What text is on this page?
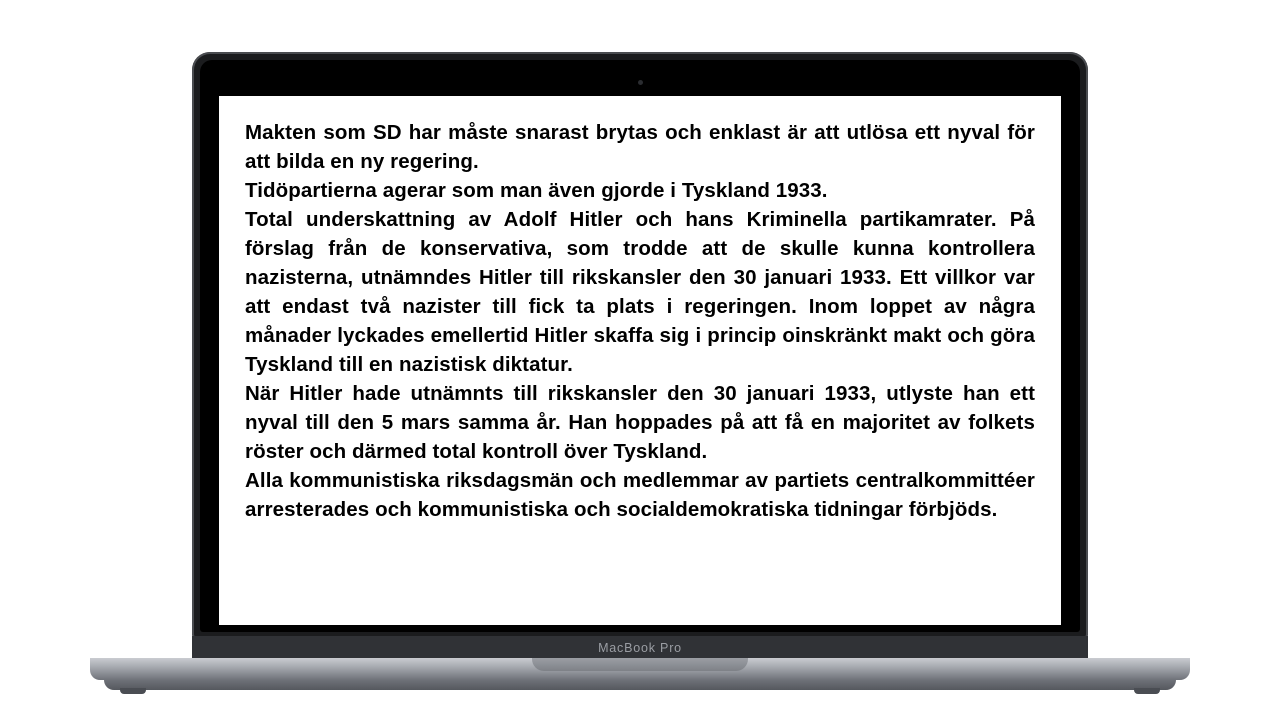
Makten som SD har måste snarast brytas och enklast är att utlösa ett nyval för att bilda en ny regering.

Tidöpartierna agerar som man även gjorde i Tyskland 1933.

Total underskattning av Adolf Hitler och hans Kriminella partikamrater. På förslag från de konservativa, som trodde att de skulle kunna kontrollera nazisterna, utnämndes Hitler till rikskansler den 30 januari 1933. Ett villkor var att endast två nazister till fick ta plats i regeringen. Inom loppet av några månader lyckades emellertid Hitler skaffa sig i princip oinskränkt makt och göra Tyskland till en nazistisk diktatur.

När Hitler hade utnämnts till rikskansler den 30 januari 1933, utlyste han ett nyval till den 5 mars samma år. Han hoppades på att få en majoritet av folkets röster och därmed total kontroll över Tyskland.

Alla kommunistiska riksdagsmän och medlemmar av partiets centralkommittéer arresterades och kommunistiska och socialdemokratiska tidningar förbjöds.

MacBook Pro
